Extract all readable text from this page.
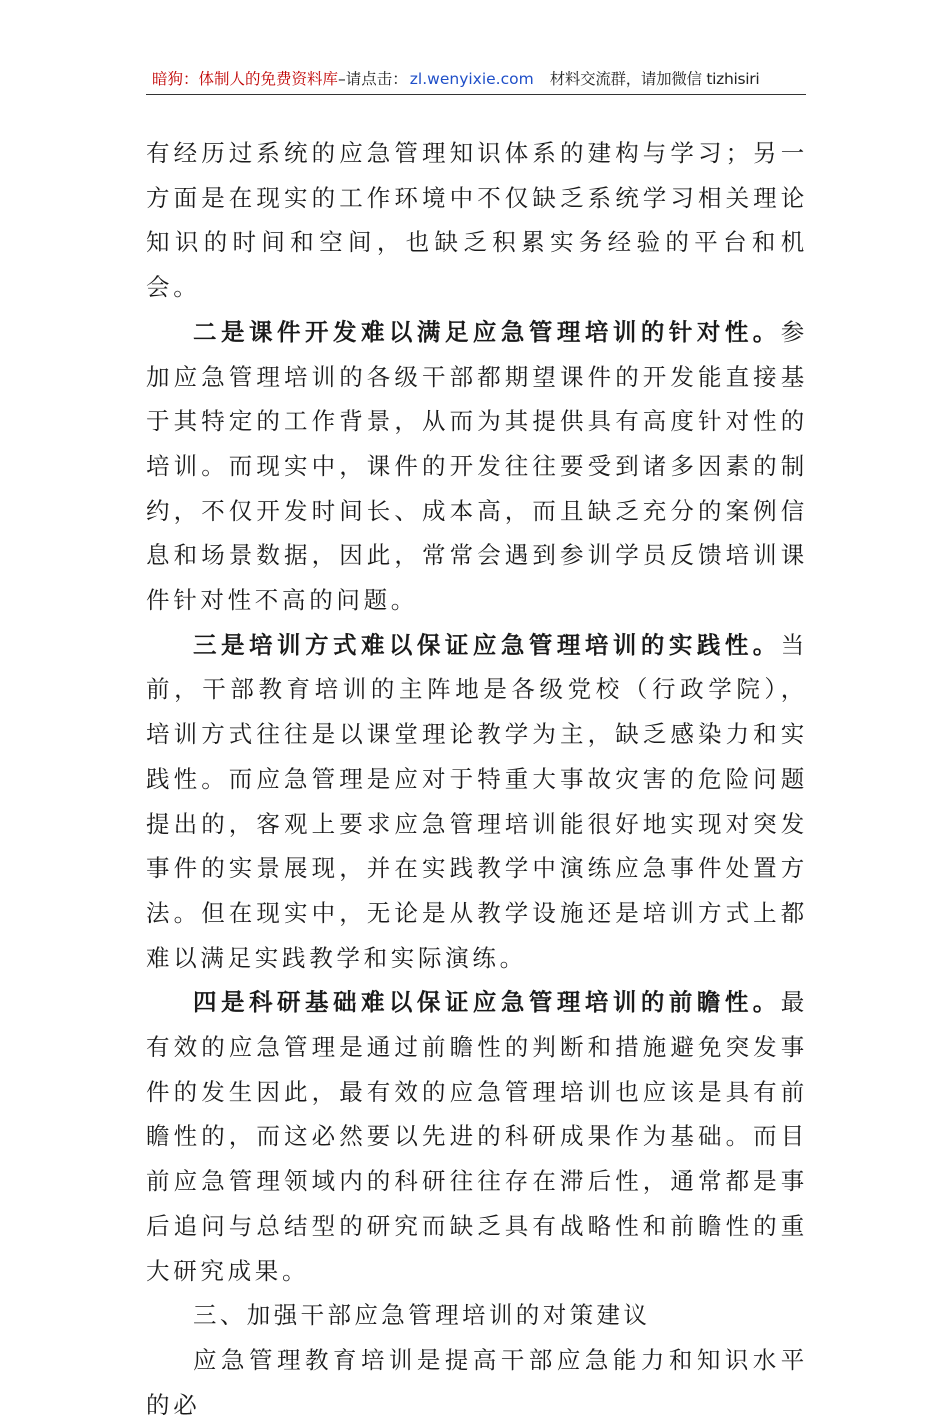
暗狗：体制人的免费资料库–请点击： zl.wenyixie.com 材料交流群，请加微信 tizhisiri

有经历过系统的应急管理知识体系的建构与学习；另一方面是在现实的工作环境中不仅缺乏系统学习相关理论知识的时间和空间，也缺乏积累实务经验的平台和机会。

二是课件开发难以满足应急管理培训的针对性。参加应急管理培训的各级干部都期望课件的开发能直接基于其特定的工作背景，从而为其提供具有高度针对性的培训。而现实中，课件的开发往往要受到诸多因素的制约，不仅开发时间长、成本高，而且缺乏充分的案例信息和场景数据，因此，常常会遇到参训学员反馈培训课件针对性不高的问题。

三是培训方式难以保证应急管理培训的实践性。当前，干部教育培训的主阵地是各级党校（行政学院），培训方式往往是以课堂理论教学为主，缺乏感染力和实践性。而应急管理是应对于特重大事故灾害的危险问题提出的，客观上要求应急管理培训能很好地实现对突发事件的实景展现，并在实践教学中演练应急事件处置方法。但在现实中，无论是从教学设施还是培训方式上都难以满足实践教学和实际演练。

四是科研基础难以保证应急管理培训的前瞻性。最有效的应急管理是通过前瞻性的判断和措施避免突发事件的发生因此，最有效的应急管理培训也应该是具有前瞻性的，而这必然要以先进的科研成果作为基础。而目前应急管理领域内的科研往往存在滞后性，通常都是事后追问与总结型的研究而缺乏具有战略性和前瞻性的重大研究成果。

三、加强干部应急管理培训的对策建议

应急管理教育培训是提高干部应急能力和知识水平的必
